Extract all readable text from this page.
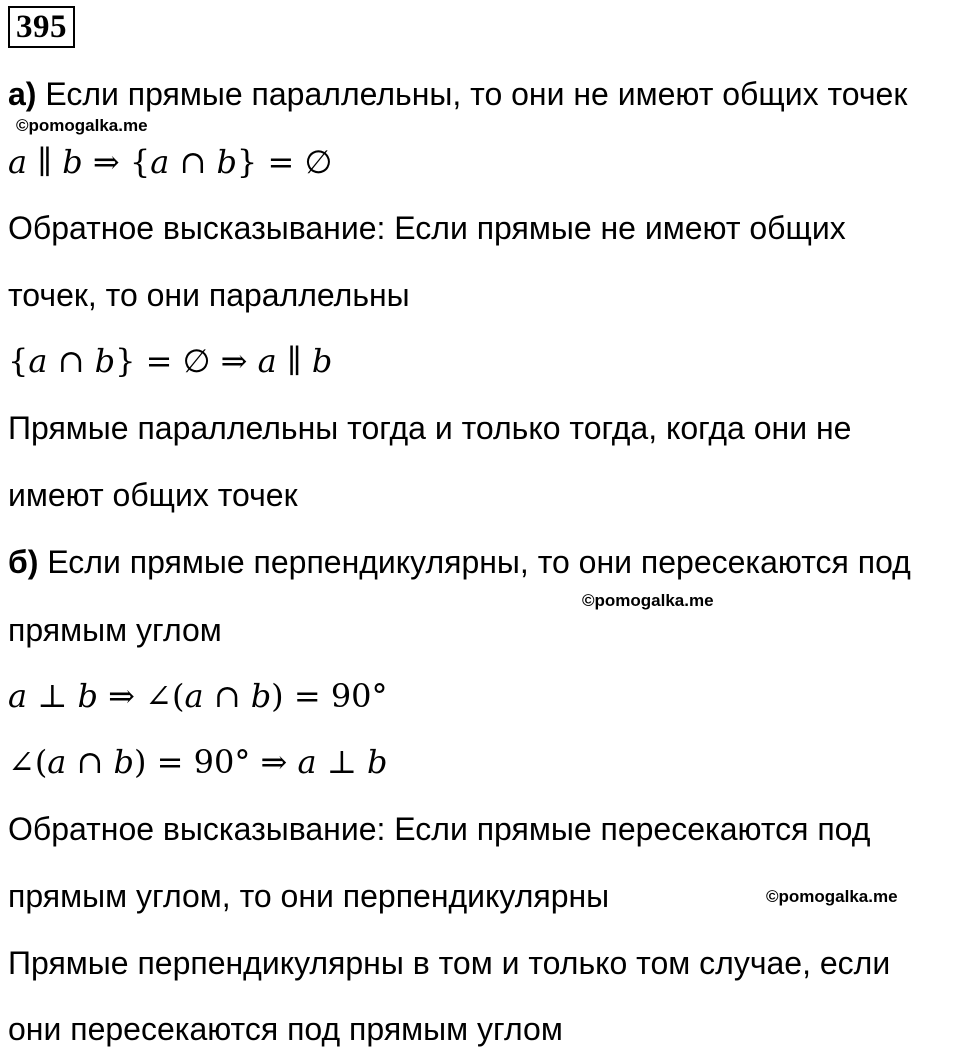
395
а) Если прямые параллельны, то они не имеют общих точек
©pomogalka.me
a ∥ b ⇒ {a ∩ b} = ∅
Обратное высказывание: Если прямые не имеют общих
точек, то они параллельны
{a ∩ b} = ∅ ⇒ a ∥ b
Прямые параллельны тогда и только тогда, когда они не
имеют общих точек
б) Если прямые перпендикулярны, то они пересекаются под
©pomogalka.me
прямым углом
a ⊥ b ⇒ ∠(a ∩ b) = 90°
∠(a ∩ b) = 90° ⇒ a ⊥ b
Обратное высказывание: Если прямые пересекаются под
прямым углом, то они перпендикулярны	©pomogalka.me
Прямые перпендикулярны в том и только том случае, если
они пересекаются под прямым углом
